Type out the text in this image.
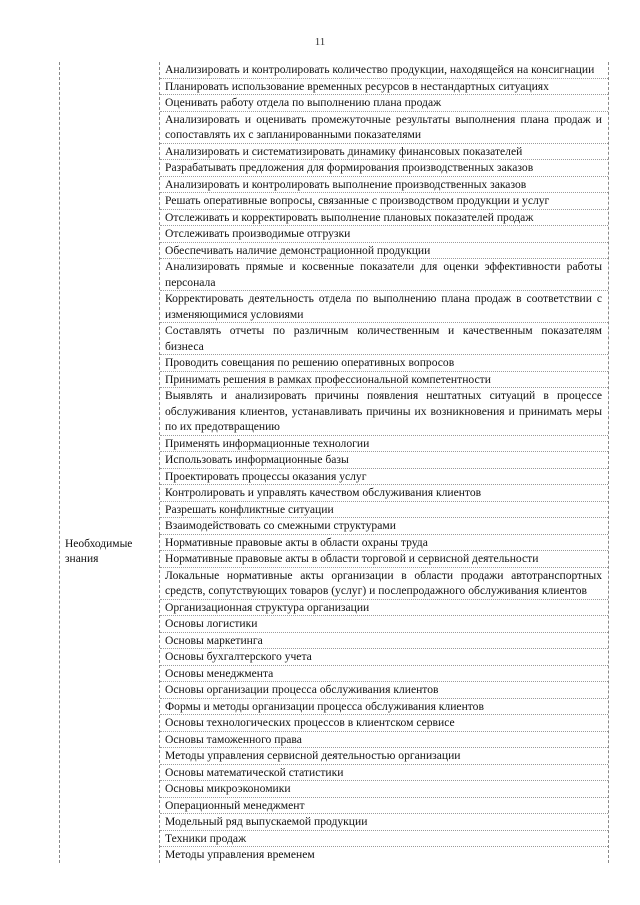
11
Анализировать и контролировать количество продукции, находящейся на консигнации
Планировать использование временных ресурсов в нестандартных ситуациях
Оценивать работу отдела по выполнению плана продаж
Анализировать и оценивать промежуточные результаты выполнения плана продаж и сопоставлять их с запланированными показателями
Анализировать и систематизировать динамику финансовых показателей
Разрабатывать предложения для формирования производственных заказов
Анализировать и контролировать выполнение производственных заказов
Решать оперативные вопросы, связанные с производством продукции и услуг
Отслеживать и корректировать выполнение плановых показателей продаж
Отслеживать производимые отгрузки
Обеспечивать наличие демонстрационной продукции
Анализировать прямые и косвенные показатели для оценки эффективности работы персонала
Корректировать деятельность отдела по выполнению плана продаж в соответствии с изменяющимися условиями
Составлять отчеты по различным количественным и качественным показателям бизнеса
Проводить совещания по решению оперативных вопросов
Принимать решения в рамках профессиональной компетентности
Выявлять и анализировать причины появления нештатных ситуаций в процессе обслуживания клиентов, устанавливать причины их возникновения и принимать меры по их предотвращению
Применять информационные технологии
Использовать информационные базы
Проектировать процессы оказания услуг
Контролировать и управлять качеством обслуживания клиентов
Разрешать конфликтные ситуации
Взаимодействовать со смежными структурами
Необходимые знания
Нормативные правовые акты в области охраны труда
Нормативные правовые акты в области торговой и сервисной деятельности
Локальные нормативные акты организации в области продажи автотранспортных средств, сопутствующих товаров (услуг) и послепродажного обслуживания клиентов
Организационная структура организации
Основы логистики
Основы маркетинга
Основы бухгалтерского учета
Основы менеджмента
Основы организации процесса обслуживания клиентов
Формы и методы организации процесса обслуживания клиентов
Основы технологических процессов в клиентском сервисе
Основы таможенного права
Методы управления сервисной деятельностью организации
Основы математической статистики
Основы микроэкономики
Операционный менеджмент
Модельный ряд выпускаемой продукции
Техники продаж
Методы управления временем
